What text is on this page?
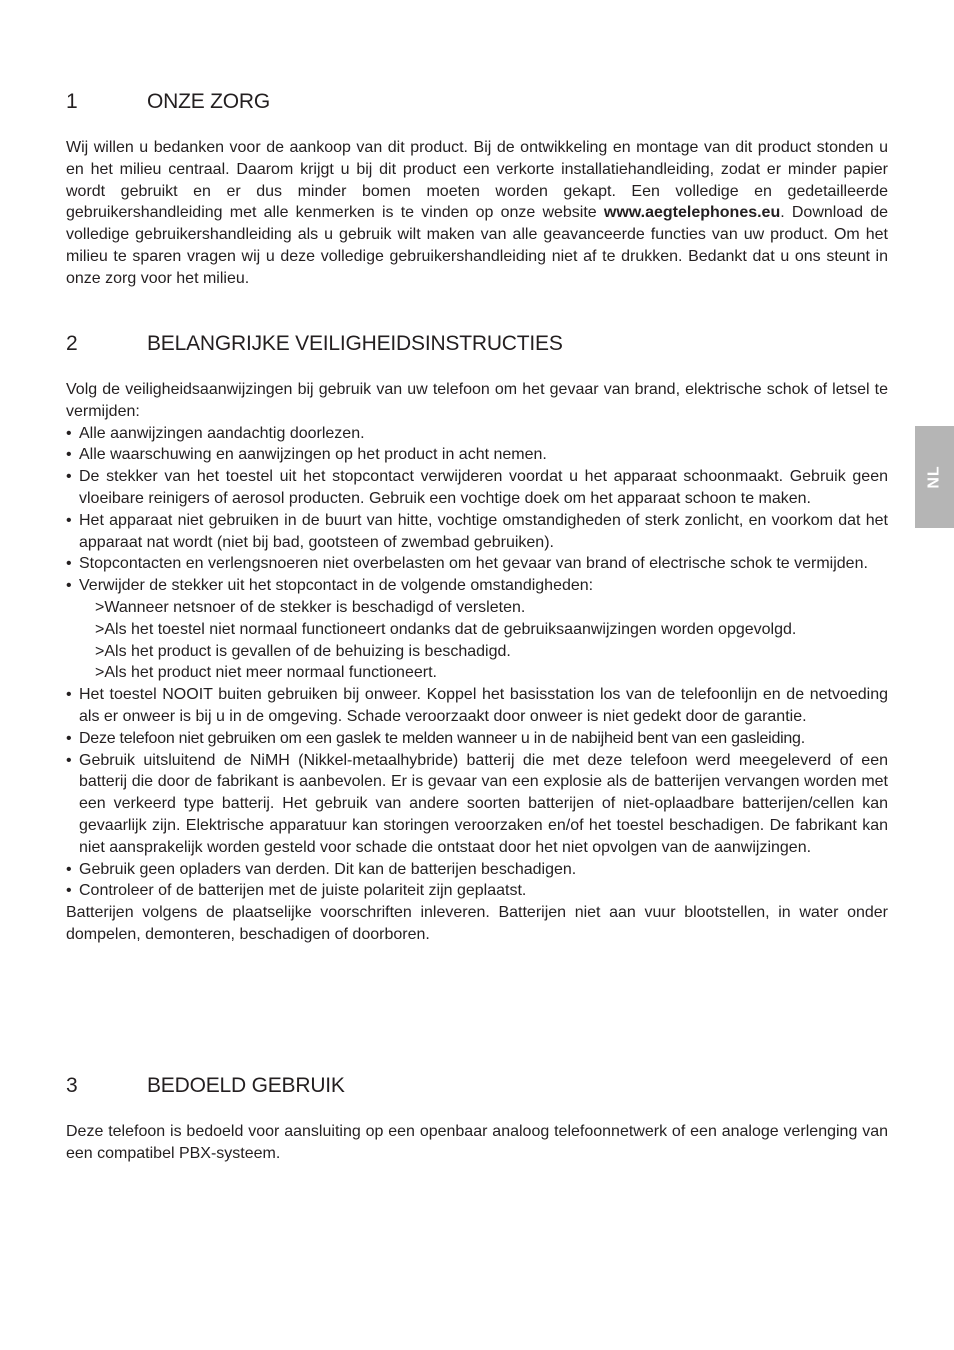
1	ONZE ZORG

Wij willen u bedanken voor de aankoop van dit product. Bij de ontwikkeling en montage van dit product stonden u en het milieu centraal. Daarom krijgt u bij dit product een verkorte installatiehandleiding, zodat er minder papier wordt gebruikt en er dus minder bomen moeten worden gekapt. Een volledige en gedetailleerde gebruikershandleiding met alle kenmerken is te vinden op onze website www.aegtelephones.eu. Download de volledige gebruikershandleiding als u gebruik wilt maken van alle geavanceerde functies van uw product. Om het milieu te sparen vragen wij u deze volledige gebruikershandleiding niet af te drukken. Bedankt dat u ons steunt in onze zorg voor het milieu.

2	BELANGRIJKE VEILIGHEIDSINSTRUCTIES

Volg de veiligheidsaanwijzingen bij gebruik van uw telefoon om het gevaar van brand, elektrische schok of letsel te vermijden:

• Alle aanwijzingen aandachtig doorlezen.
• Alle waarschuwing en aanwijzingen op het product in acht nemen.
• De stekker van het toestel uit het stopcontact verwijderen voordat u het apparaat schoonmaakt. Gebruik geen vloeibare reinigers of aerosol producten. Gebruik een vochtige doek om het apparaat schoon te maken.
• Het apparaat niet gebruiken in de buurt van hitte, vochtige omstandigheden of sterk zonlicht, en voorkom dat het apparaat nat wordt (niet bij bad, gootsteen of zwembad gebruiken).
• Stopcontacten en verlengsnoeren niet overbelasten om het gevaar van brand of electrische schok te vermijden.
• Verwijder de stekker uit het stopcontact in de volgende omstandigheden:
>Wanneer netsnoer of de stekker is beschadigd of versleten.
>Als het toestel niet normaal functioneert ondanks dat de gebruiksaanwijzingen worden opgevolgd.
>Als het product is gevallen of de behuizing is beschadigd.
>Als het product niet meer normaal functioneert.
• Het toestel NOOIT buiten gebruiken bij onweer. Koppel het basisstation los van de telefoonlijn en de netvoeding als er onweer is bij u in de omgeving. Schade veroorzaakt door onweer is niet gedekt door de garantie.
• Deze telefoon niet gebruiken om een gaslek te melden wanneer u in de nabijheid bent van een gasleiding.
• Gebruik uitsluitend de NiMH (Nikkel-metaalhybride) batterij die met deze telefoon werd meegeleverd of een batterij die door de fabrikant is aanbevolen. Er is gevaar van een explosie als de batterijen vervangen worden met een verkeerd type batterij. Het gebruik van andere soorten batterijen of niet-oplaadbare batterijen/cellen kan gevaarlijk zijn. Elektrische apparatuur kan storingen veroorzaken en/of het toestel beschadigen. De fabrikant kan niet aansprakelijk worden gesteld voor schade die ontstaat door het niet opvolgen van de aanwijzingen.
• Gebruik geen opladers van derden. Dit kan de batterijen beschadigen.
• Controleer of de batterijen met de juiste polariteit zijn geplaatst.

Batterijen volgens de plaatselijke voorschriften inleveren. Batterijen niet aan vuur blootstellen, in water onder dompelen, demonteren, beschadigen of doorboren.

3	BEDOELD GEBRUIK

Deze telefoon is bedoeld voor aansluiting op een openbaar analoog telefoonnetwerk of een analoge verlenging van een compatibel PBX-systeem.

NL
